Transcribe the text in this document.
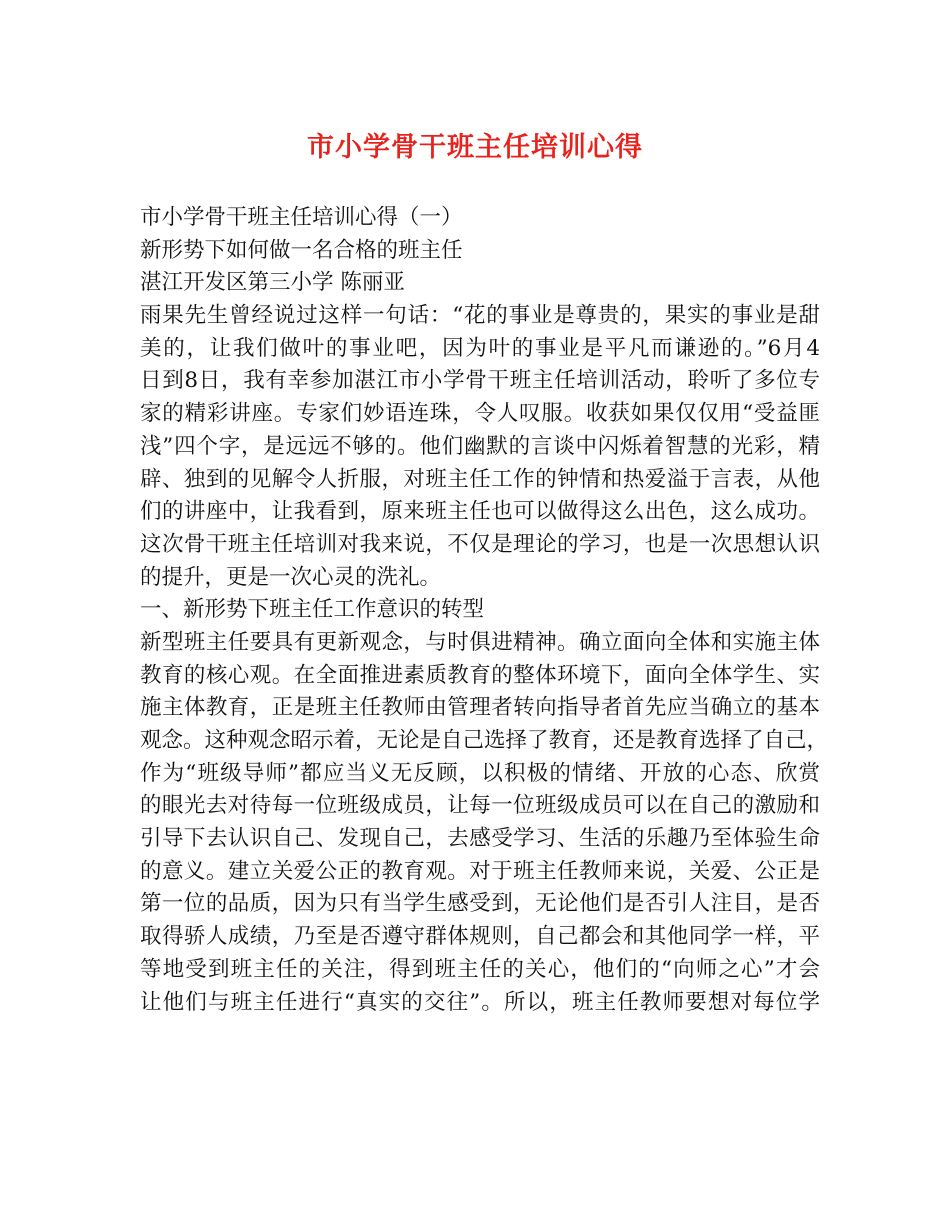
市小学骨干班主任培训心得
市小学骨干班主任培训心得（一）
新形势下如何做一名合格的班主任
湛江开发区第三小学 陈丽亚
雨果先生曾经说过这样一句话：“花的事业是尊贵的，果实的事业是甜
美的，让我们做叶的事业吧，因为叶的事业是平凡而谦逊的。”6月4
日到8日，我有幸参加湛江市小学骨干班主任培训活动，聆听了多位专
家的精彩讲座。专家们妙语连珠，令人叹服。收获如果仅仅用“受益匪
浅”四个字，是远远不够的。他们幽默的言谈中闪烁着智慧的光彩，精
辟、独到的见解令人折服，对班主任工作的钟情和热爱溢于言表，从他
们的讲座中，让我看到，原来班主任也可以做得这么出色，这么成功。
这次骨干班主任培训对我来说，不仅是理论的学习，也是一次思想认识
的提升，更是一次心灵的洗礼。
一、新形势下班主任工作意识的转型
新型班主任要具有更新观念，与时俱进精神。确立面向全体和实施主体
教育的核心观。在全面推进素质教育的整体环境下，面向全体学生、实
施主体教育，正是班主任教师由管理者转向指导者首先应当确立的基本
观念。这种观念昭示着，无论是自己选择了教育，还是教育选择了自己，
作为“班级导师”都应当义无反顾，以积极的情绪、开放的心态、欣赏
的眼光去对待每一位班级成员，让每一位班级成员可以在自己的激励和
引导下去认识自己、发现自己，去感受学习、生活的乐趣乃至体验生命
的意义。建立关爱公正的教育观。对于班主任教师来说，关爱、公正是
第一位的品质，因为只有当学生感受到，无论他们是否引人注目，是否
取得骄人成绩，乃至是否遵守群体规则，自己都会和其他同学一样，平
等地受到班主任的关注，得到班主任的关心，他们的“向师之心”才会
让他们与班主任进行“真实的交往”。所以，班主任教师要想对每位学
